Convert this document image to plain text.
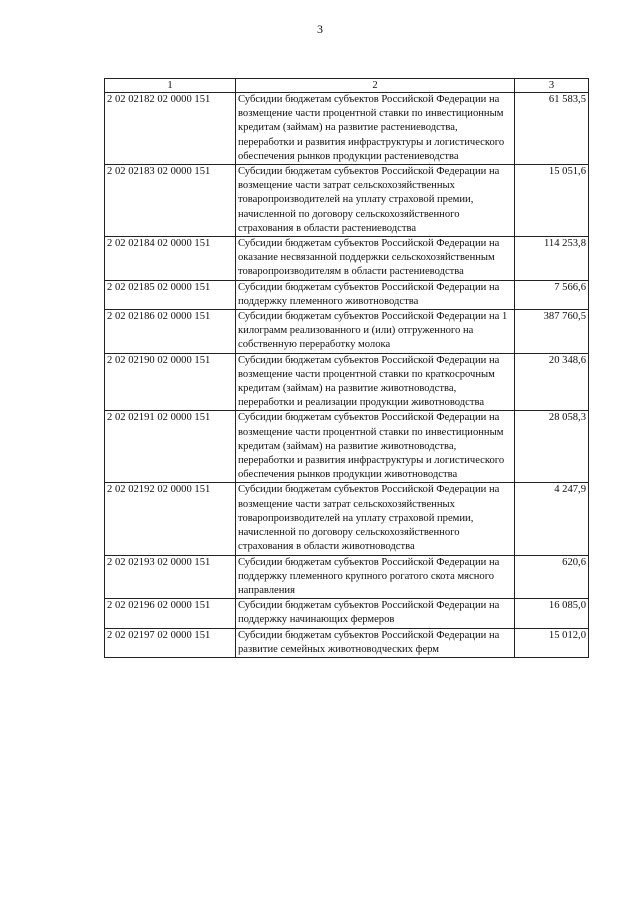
3
1	2	3
2 02 02182 02 0000 151	Субсидии бюджетам субъектов Российской Федерации на возмещение части процентной ставки по инвестиционным кредитам (займам) на развитие растениеводства, переработки и развития инфраструктуры и логистического обеспечения рынков продукции растениеводства	61 583,5
2 02 02183 02 0000 151	Субсидии бюджетам субъектов Российской Федерации на возмещение части затрат сельскохозяйственных товаропроизводителей на уплату страховой премии, начисленной по договору сельскохозяйственного страхования в области растениеводства	15 051,6
2 02 02184 02 0000 151	Субсидии бюджетам субъектов Российской Федерации на оказание несвязанной поддержки сельскохозяйственным товаропроизводителям в области растениеводства	114 253,8
2 02 02185 02 0000 151	Субсидии бюджетам субъектов Российской Федерации на поддержку племенного животноводства	7 566,6
2 02 02186 02 0000 151	Субсидии бюджетам субъектов Российской Федерации на 1 килограмм реализованного и (или) отгруженного на собственную переработку молока	387 760,5
2 02 02190 02 0000 151	Субсидии бюджетам субъектов Российской Федерации на возмещение части процентной ставки по краткосрочным кредитам (займам) на развитие животноводства, переработки и реализации продукции животноводства	20 348,6
2 02 02191 02 0000 151	Субсидии бюджетам субъектов Российской Федерации на возмещение части процентной ставки по инвестиционным кредитам (займам) на развитие животноводства, переработки и развития инфраструктуры и логистического обеспечения рынков продукции животноводства	28 058,3
2 02 02192 02 0000 151	Субсидии бюджетам субъектов Российской Федерации на возмещение части затрат сельскохозяйственных товаропроизводителей на уплату страховой премии, начисленной по договору сельскохозяйственного страхования в области животноводства	4 247,9
2 02 02193 02 0000 151	Субсидии бюджетам субъектов Российской Федерации на поддержку племенного крупного рогатого скота мясного направления	620,6
2 02 02196 02 0000 151	Субсидии бюджетам субъектов Российской Федерации на поддержку начинающих фермеров	16 085,0
2 02 02197 02 0000 151	Субсидии бюджетам субъектов Российской Федерации на развитие семейных животноводческих ферм	15 012,0
